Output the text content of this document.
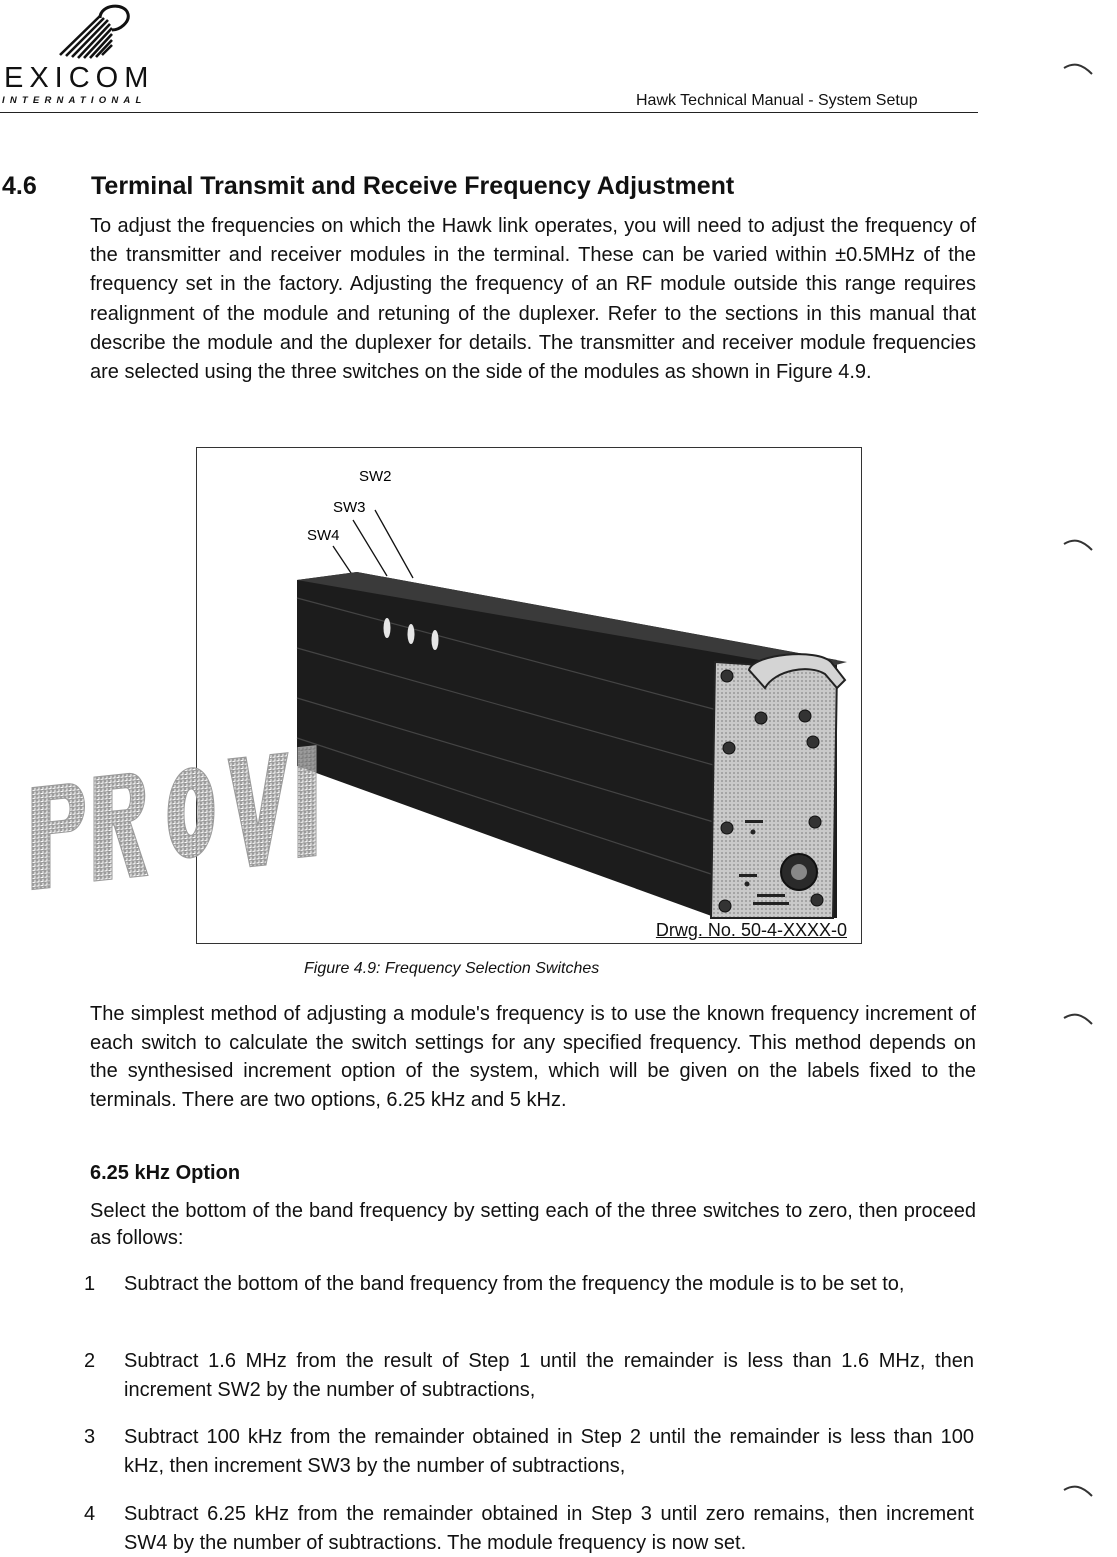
EXICOM
INTERNATIONAL	Hawk Technical Manual - System Setup
4.6 Terminal Transmit and Receive Frequency Adjustment

To adjust the frequencies on which the Hawk link operates, you will need to adjust the frequency of the transmitter and receiver modules in the terminal. These can be varied within ±0.5MHz of the frequency set in the factory. Adjusting the frequency of an RF module outside this range requires realignment of the module and retuning of the duplexer. Refer to the sections in this manual that describe the module and the duplexer for details. The transmitter and receiver module frequencies are selected using the three switches on the side of the modules as shown in Figure 4.9.

SW2
SW3
SW4
Drwg. No. 50-4-XXXX-0
Figure 4.9: Frequency Selection Switches

The simplest method of adjusting a module's frequency is to use the known frequency increment of each switch to calculate the switch settings for any specified frequency. This method depends on the synthesised increment option of the system, which will be given on the labels fixed to the terminals. There are two options, 6.25 kHz and 5 kHz.

6.25 kHz Option

Select the bottom of the band frequency by setting each of the three switches to zero, then proceed as follows:

1	Subtract the bottom of the band frequency from the frequency the module is to be set to,
2	Subtract 1.6 MHz from the result of Step 1 until the remainder is less than 1.6 MHz, then increment SW2 by the number of subtractions,
3	Subtract 100 kHz from the remainder obtained in Step 2 until the remainder is less than 100 kHz, then increment SW3 by the number of subtractions,
4	Subtract 6.25 kHz from the remainder obtained in Step 3 until zero remains, then increment SW4 by the number of subtractions. The module frequency is now set.
